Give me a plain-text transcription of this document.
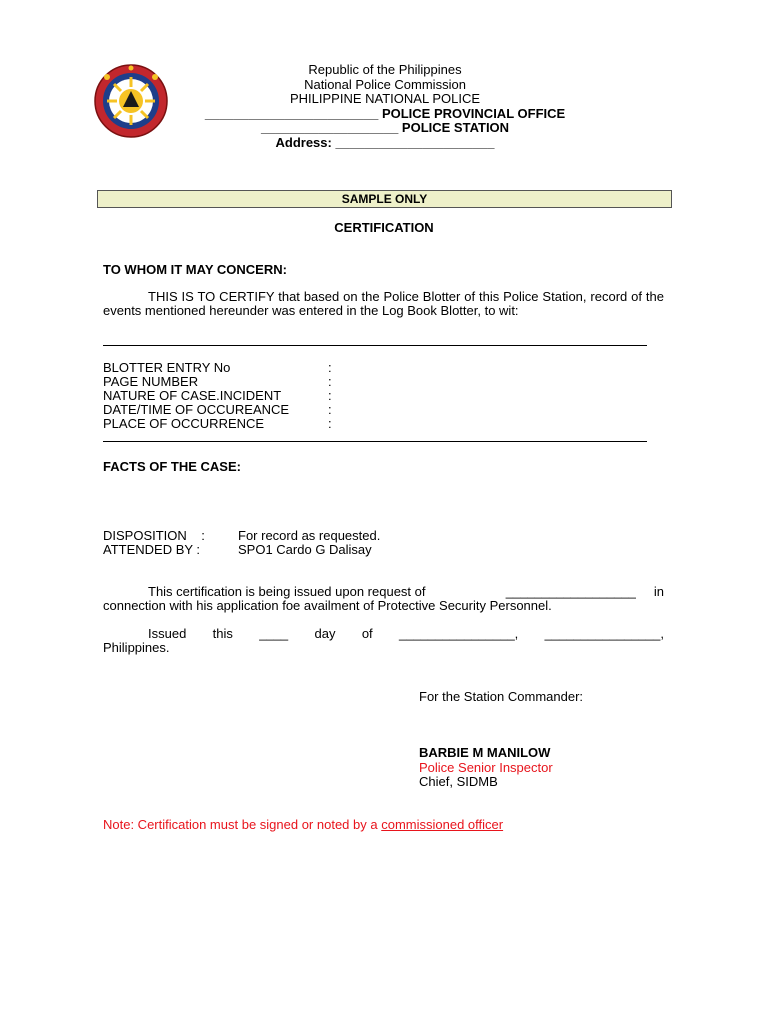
Republic of the Philippines
National Police Commission
PHILIPPINE NATIONAL POLICE
________________________ POLICE PROVINCIAL OFFICE
___________________ POLICE STATION
Address: ______________________
SAMPLE ONLY
CERTIFICATION
TO WHOM IT MAY CONCERN:
THIS IS TO CERTIFY that based on the Police Blotter of this Police Station, record of the events mentioned hereunder was entered in the Log Book Blotter, to wit:
BLOTTER ENTRY No	:
PAGE NUMBER	:
NATURE OF CASE.INCIDENT	:
DATE/TIME OF OCCUREANCE	:
PLACE OF OCCURRENCE	:
FACTS OF THE CASE:
DISPOSITION    :	For record as requested.
ATTENDED BY :	SPO1 Cardo G Dalisay
This certification is being issued upon request of	__________________ in
connection with his application foe availment of Protective Security Personnel.
Issued this ____ day of ________________, ________________,
Philippines.
For the Station Commander:
BARBIE M MANILOW
Police Senior Inspector
Chief, SIDMB
Note: Certification must be signed or noted by a commissioned officer
